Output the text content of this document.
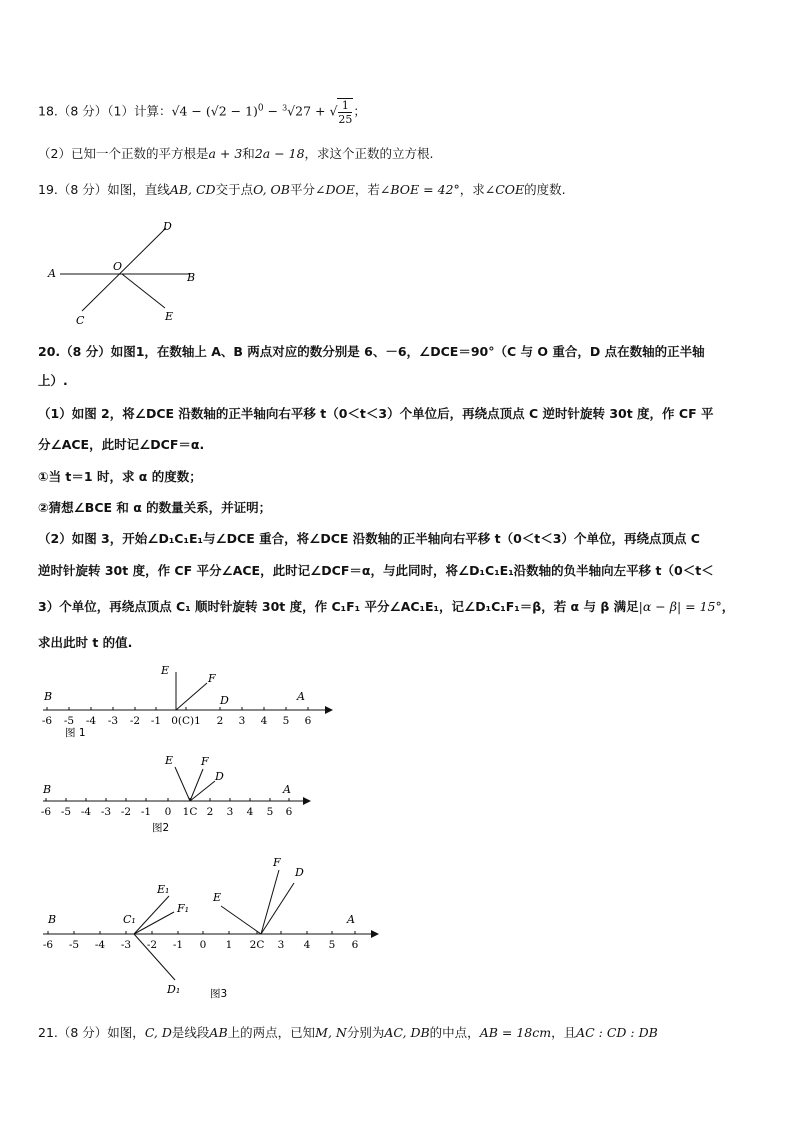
18.（8 分）（1）计算：$√4 - (√2 - 1)^0 - ^3√27$ + √ $\frac{1}{25}$ ；
（2）已知一个正数的平方根是a + 3和2a − 18，求这个正数的立方根.
19.（8 分）如图，直线AB, CD交于点O, OB平分∠DOE，若∠BOE = 42°，求∠COE的度数.
A	B
C
D
E
O
20.（8 分）如图1，在数轴上 A、B 两点对应的数分别是 6、－6，∠DCE＝90°（C 与 O 重合，D 点在数轴的正半轴
上）.
（1）如图 2，将∠DCE 沿数轴的正半轴向右平移 t（0＜t＜3）个单位后，再绕点顶点 C 逆时针旋转 30t 度，作 CF 平
分∠ACE，此时记∠DCF＝α.
①当 t＝1 时，求 α 的度数；
②猜想∠BCE 和 α 的数量关系，并证明；
（2）如图 3，开始∠D₁C₁E₁与∠DCE 重合，将∠DCE 沿数轴的正半轴向右平移 t（0＜t＜3）个单位，再绕点顶点 C
逆时针旋转 30t 度，作 CF 平分∠ACE，此时记∠DCF＝α，与此同时，将∠D₁C₁E₁沿数轴的负半轴向左平移 t（0＜t＜
3）个单位，再绕点顶点 C₁ 顺时针旋转 30t 度，作 C₁F₁ 平分∠AC₁E₁，记∠D₁C₁F₁＝β，若 α 与 β 满足|α − β| = 15°，
求出此时 t 的值.
-6 -5 -4 -3 -2 -1 0(C)1 2 3 4 5 6
E
F
D
B	A
图 1
-6 -5 -4 -3 -2 -1 0 1C 2 3 4 5 6
E	F
D
B	A
图2
-6 -5 -4 -3 -2 -1 0 1 2C 3 4 5 6
B	A
C₁
E₁
F₁
D₁
E
F
D
图3
21.（8 分）如图，C, D是线段AB上的两点，已知M, N分别为AC, DB的中点，AB = 18cm，且AC : CD : DB
